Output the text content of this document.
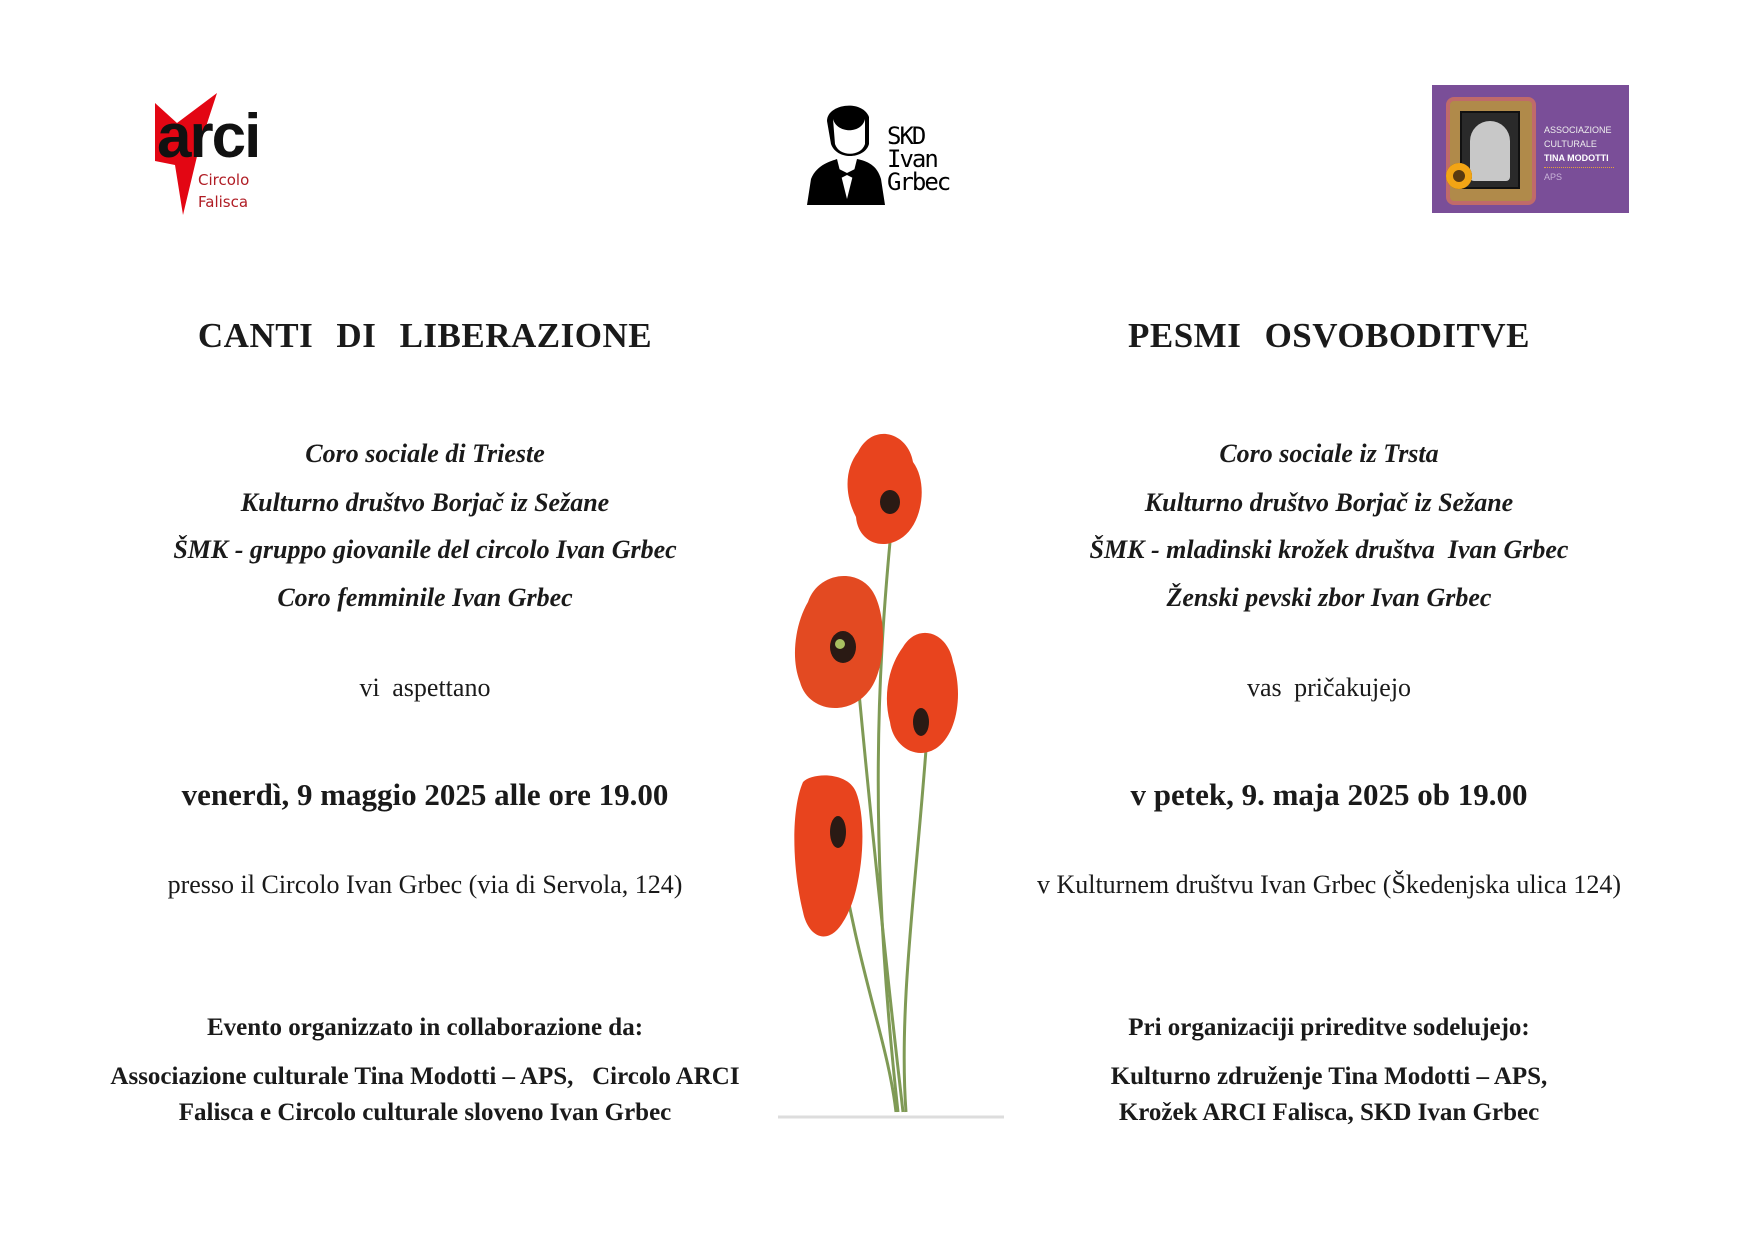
arci
Circolo
Falisca
SKD
Ivan
Grbec
ASSOCIAZIONE
CULTURALE
TINA MODOTTI
APS
CANTI DI LIBERAZIONE
Coro sociale di Trieste
Kulturno društvo Borjač iz Sežane
ŠMK - gruppo giovanile del circolo Ivan Grbec
Coro femminile Ivan Grbec
vi aspettano
venerdì, 9 maggio 2025 alle ore 19.00
presso il Circolo Ivan Grbec (via di Servola, 124)
Evento organizzato in collaborazione da:
Associazione culturale Tina Modotti – APS,   Circolo ARCI
Falisca e Circolo culturale sloveno Ivan Grbec
PESMI OSVOBODITVE
Coro sociale iz Trsta
Kulturno društvo Borjač iz Sežane
ŠMK - mladinski krožek društva  Ivan Grbec
Ženski pevski zbor Ivan Grbec
vas pričakujejo
v petek, 9. maja 2025 ob 19.00
v Kulturnem društvu Ivan Grbec (Škedenjska ulica 124)
Pri organizaciji prireditve sodelujejo:
Kulturno združenje Tina Modotti – APS,
Krožek ARCI Falisca, SKD Ivan Grbec
